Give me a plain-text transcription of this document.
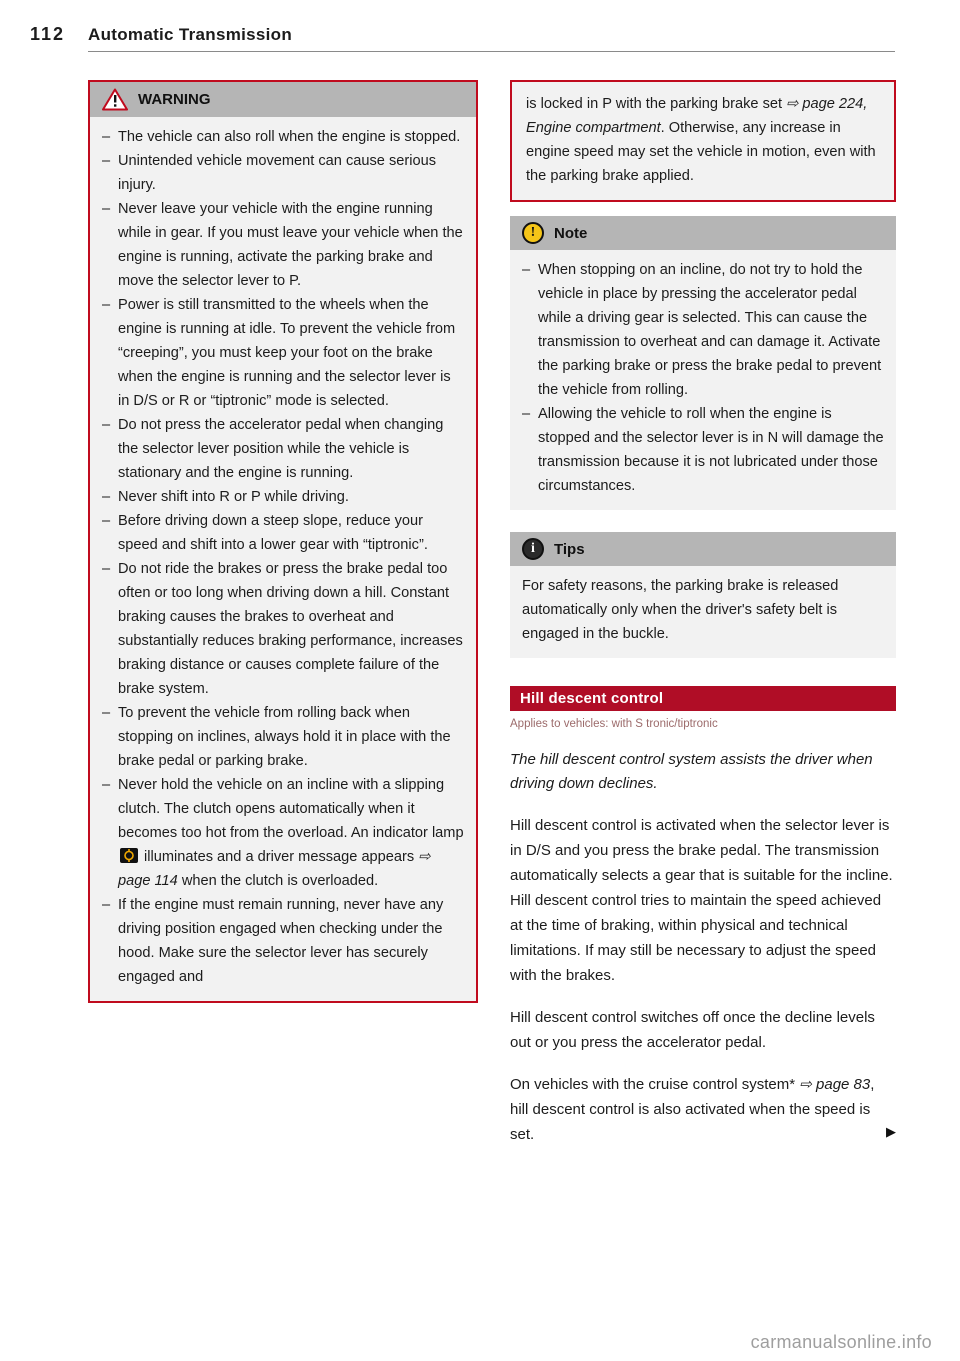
112 Automatic Transmission
WARNING
– The vehicle can also roll when the engine is stopped.
– Unintended vehicle movement can cause serious injury.
– Never leave your vehicle with the engine running while in gear. If you must leave your vehicle when the engine is running, activate the parking brake and move the selector lever to P.
– Power is still transmitted to the wheels when the engine is running at idle. To prevent the vehicle from “creeping”, you must keep your foot on the brake when the engine is running and the selector lever is in D/S or R or “tiptronic” mode is selected.
– Do not press the accelerator pedal when changing the selector lever position while the vehicle is stationary and the engine is running.
– Never shift into R or P while driving.
– Before driving down a steep slope, reduce your speed and shift into a lower gear with “tiptronic”.
– Do not ride the brakes or press the brake pedal too often or too long when driving down a hill. Constant braking causes the brakes to overheat and substantially reduces braking performance, increases braking distance or causes complete failure of the brake system.
– To prevent the vehicle from rolling back when stopping on inclines, always hold it in place with the brake pedal or parking brake.
– Never hold the vehicle on an incline with a slipping clutch. The clutch opens automatically when it becomes too hot from the overload. An indicator lamp  illuminates and a driver message appears ⇨ page 114 when the clutch is overloaded.
– If the engine must remain running, never have any driving position engaged when checking under the hood. Make sure the selector lever has securely engaged and

is locked in P with the parking brake set ⇨ page 224, Engine compartment. Otherwise, any increase in engine speed may set the vehicle in motion, even with the parking brake applied.

! Note
– When stopping on an incline, do not try to hold the vehicle in place by pressing the accelerator pedal while a driving gear is selected. This can cause the transmission to overheat and can damage it. Activate the parking brake or press the brake pedal to prevent the vehicle from rolling.
– Allowing the vehicle to roll when the engine is stopped and the selector lever is in N will damage the transmission because it is not lubricated under those circumstances.
i Tips

For safety reasons, the parking brake is released automatically only when the driver's safety belt is engaged in the buckle.

Hill descent control
Applies to vehicles: with S tronic/tiptronic

The hill descent control system assists the driver when driving down declines.

Hill descent control is activated when the selector lever is in D/S and you press the brake pedal. The transmission automatically selects a gear that is suitable for the incline. Hill descent control tries to maintain the speed achieved at the time of braking, within physical and technical limitations. If may still be necessary to adjust the speed with the brakes.

Hill descent control switches off once the decline levels out or you press the accelerator pedal.

On vehicles with the cruise control system* ⇨ page 83, hill descent control is also activated when the speed is set.	▶

carmanualsonline.info
